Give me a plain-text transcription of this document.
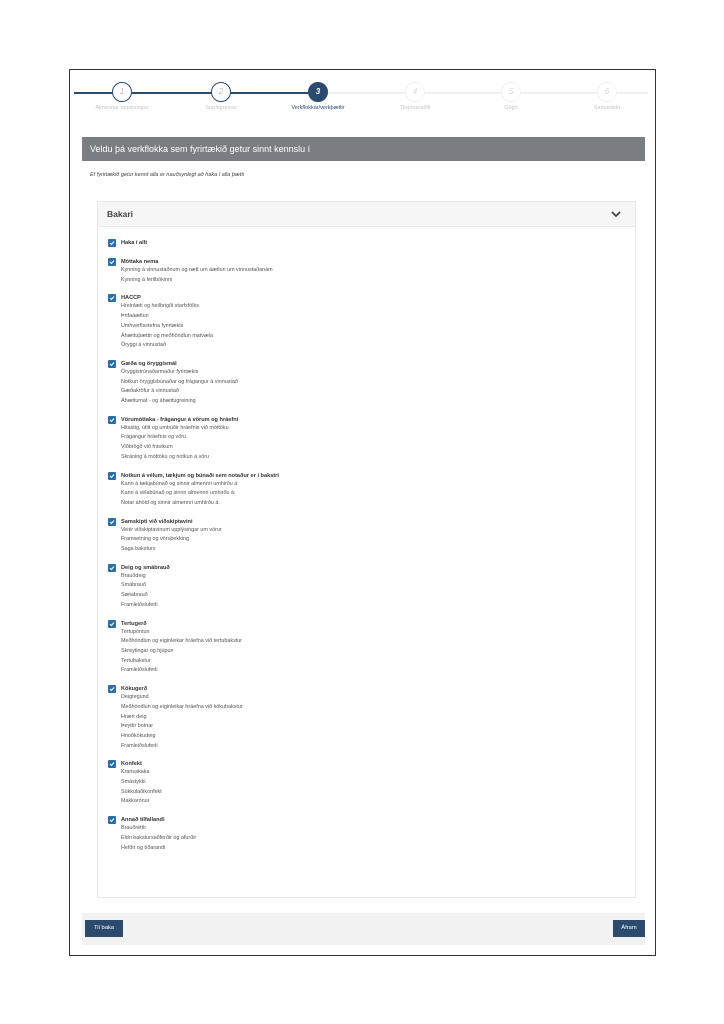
1
Almennar upplýsingar
2
Starfsgreinar
3
Verkflokkar/verkþættir
4
Tilsjónaraðili
5
Gögn
6
Samantekt
Veldu þá verkflokka sem fyrirtækið getur sinnt kennslu í
Ef fyrirtækið getur kennt alla er nauðsynlegt að haka í alla þætti
Bakari
Haka í allt
Móttaka nema
Kynning á vinnustaðnum og rætt um áætlun um vinnustaðanám
Kynning á ferilbókinni
HACCP
Hreinlæti og heilbrigði starfsfólks
Þrifaáætlun
Umhverfisstefna fyrirtækis
Áhættuþættir og meðhöndlun matvæla
Öryggi á vinnustað
Gæða og öryggismál
Öryggistrúnaðarmaður fyrirtækis
Notkun öryggisbúnaðar og frágangur á vinnustað
Gæðakröfur á vinnustað
Áhættumat - og áhættugreining
Vörumóttaka - frágangur á vörum og hráefni
Hitastig, útlit og umbúðir hráefnis við móttöku
Frágangur hráefnis og vöru
Viðbrögð við frávikum
Skráning á móttöku og notkun á vöru
Notkun á vélum, tækjum og búnaði sem notaður er í bakstri
Kann á tækjabúnað og sinnir almennri umhirðu á:
Kann á vélabúnað og sinnir almennri umhirðu á:
Notar áhöld og sinnir almennri umhirðu á:
Samskipti við viðskiptavini
Veitir viðskiptavinum upplýsingar um vörur
Framsetning og vöruþekking
Saga baksturs
Deig og smábrauð
Brauðdeig
Smábrauð
Sætabrauð
Framleiðsluferli
Tertugerð
Tertupöntun
Meðhöndlun og eiginleikar hráefna við tertubakstur
Skreytingar og hjúpun
Tertubakstur
Framleiðsluferli
Kökugerð
Deigtegund
Meðhöndlun og eiginleikar hráefna við kökubakstur
Hrært deig
Þeyttir botnar
Hnoðkökudeig
Framleiðsluferli
Konfekt
Kransakaka
Smástykki
Súkkulaðikonfekt
Makkarónur
Annað tilfallandi
Brauðréttir
Eldri bakstursaðferðir og afurðir
Hefðir og tíðarandi
Til baka	Áfram
